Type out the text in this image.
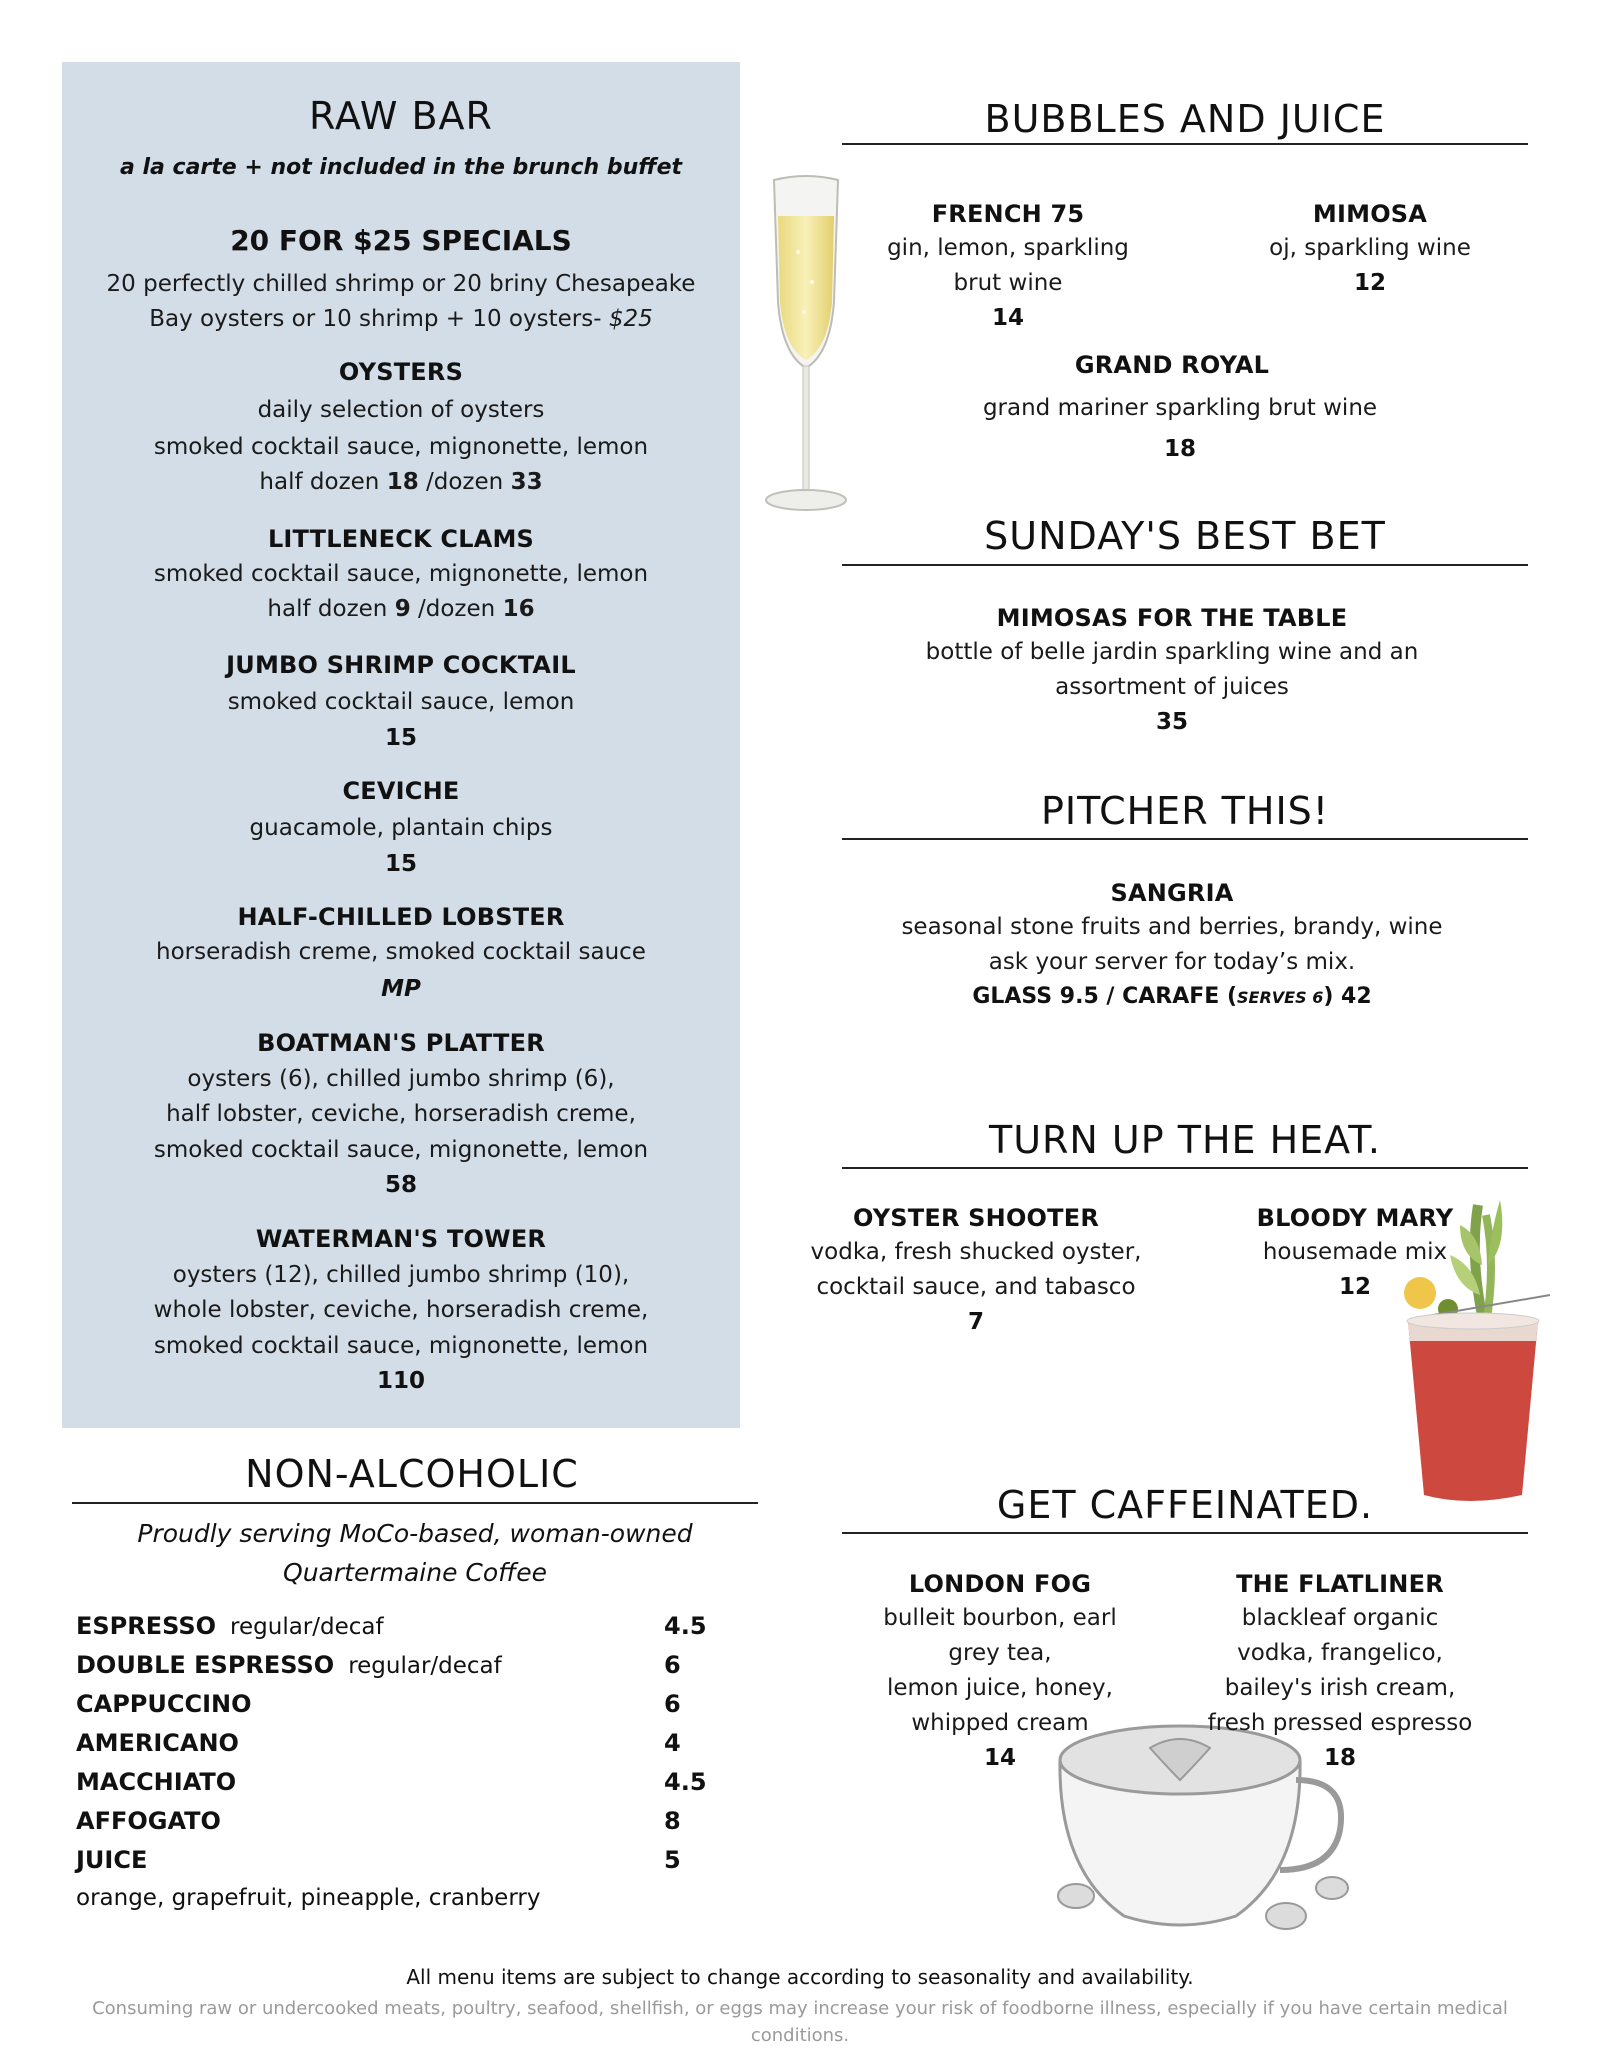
RAW BAR
a la carte + not included in the brunch buffet
20 FOR $25 SPECIALS
20 perfectly chilled shrimp or 20 briny Chesapeake
Bay oysters or 10 shrimp + 10 oysters- $25
OYSTERS
daily selection of oysters
smoked cocktail sauce, mignonette, lemon
half dozen 18 /dozen 33
LITTLENECK CLAMS
smoked cocktail sauce, mignonette, lemon
half dozen 9 /dozen 16
JUMBO SHRIMP COCKTAIL
smoked cocktail sauce, lemon
15
CEVICHE
guacamole, plantain chips
15
HALF-CHILLED LOBSTER
horseradish creme, smoked cocktail sauce
MP
BOATMAN'S PLATTER
oysters (6), chilled jumbo shrimp (6),
half lobster, ceviche, horseradish creme,
smoked cocktail sauce, mignonette, lemon
58
WATERMAN'S TOWER
oysters (12), chilled jumbo shrimp (10),
whole lobster, ceviche, horseradish creme,
smoked cocktail sauce, mignonette, lemon
110
NON-ALCOHOLIC
Proudly serving MoCo-based, woman-owned
Quartermaine Coffee
ESPRESSO regular/decaf	4.5
DOUBLE ESPRESSO regular/decaf	6
CAPPUCCINO	6
AMERICANO	4
MACCHIATO	4.5
AFFOGATO	8
JUICE	5
orange, grapefruit, pineapple, cranberry
BUBBLES AND JUICE
FRENCH 75
gin, lemon, sparkling
brut wine
14
MIMOSA
oj, sparkling wine
12
GRAND ROYAL
grand mariner sparkling brut wine
18
SUNDAY'S BEST BET
MIMOSAS FOR THE TABLE
bottle of belle jardin sparkling wine and an
assortment of juices
35
PITCHER THIS!
SANGRIA
seasonal stone fruits and berries, brandy, wine
ask your server for today’s mix.
GLASS 9.5 / CARAFE (SERVES 6) 42
TURN UP THE HEAT.
OYSTER SHOOTER
vodka, fresh shucked oyster,
cocktail sauce, and tabasco
7
BLOODY MARY
housemade mix
12
GET CAFFEINATED.
LONDON FOG
bulleit bourbon, earl
grey tea,
lemon juice, honey,
whipped cream
14
THE FLATLINER
blackleaf organic
vodka, frangelico,
bailey's irish cream,
fresh pressed espresso
18
All menu items are subject to change according to seasonality and availability.
Consuming raw or undercooked meats, poultry, seafood, shellfish, or eggs may increase your risk of foodborne illness, especially if you have certain medical conditions.
